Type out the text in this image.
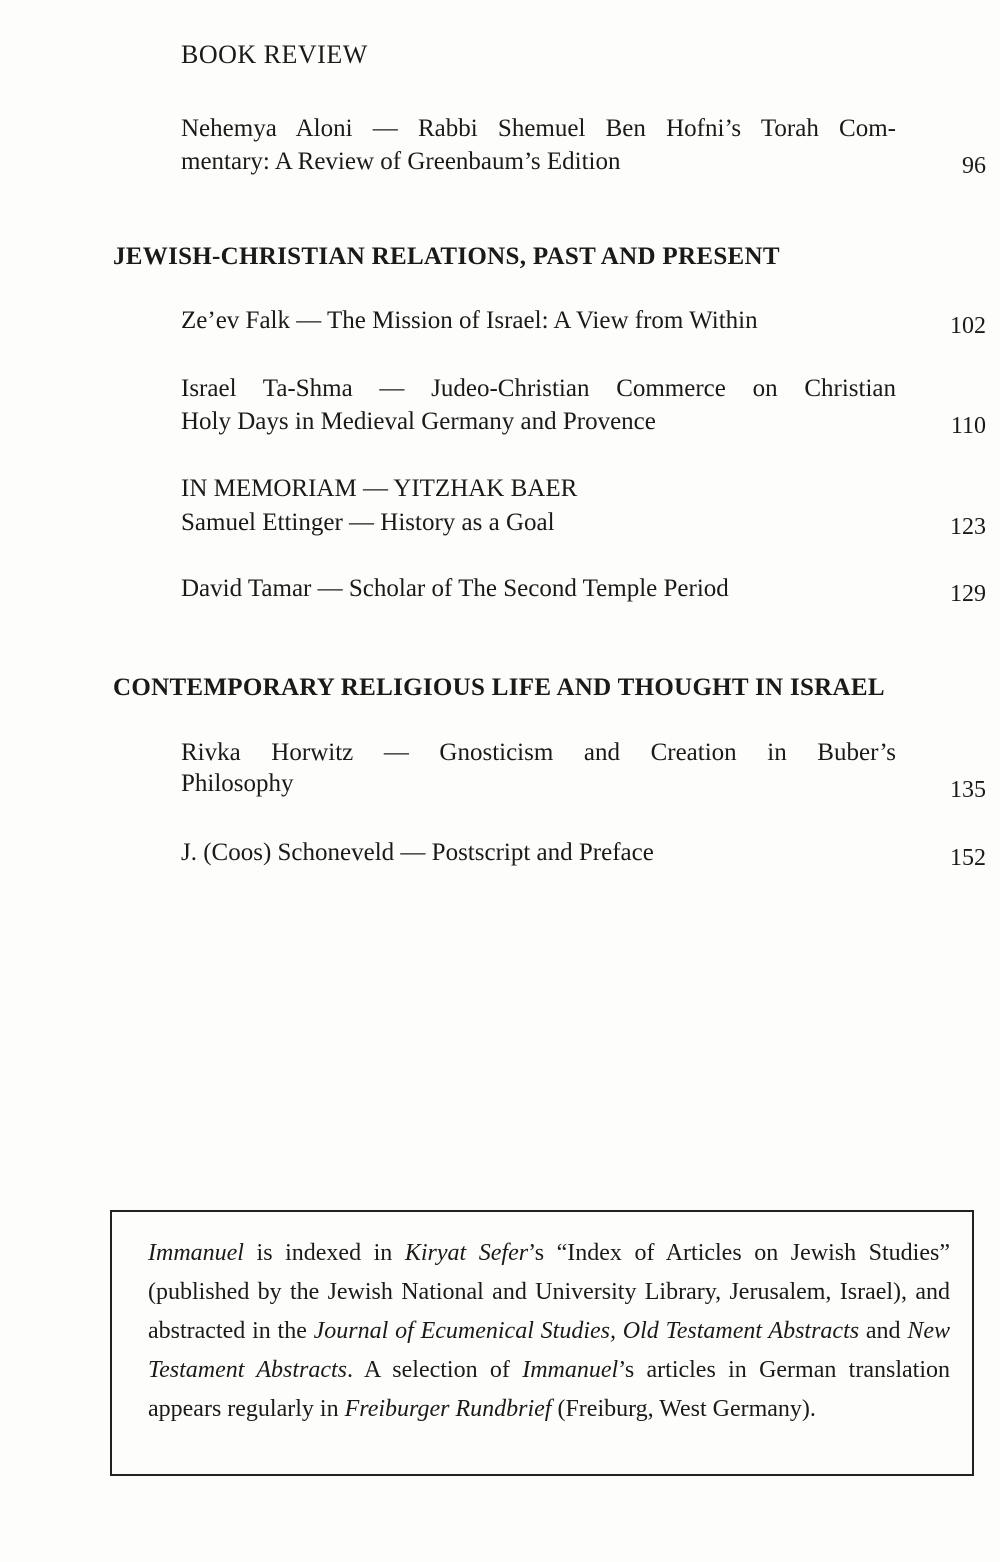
BOOK REVIEW
Nehemya Aloni — Rabbi Shemuel Ben Hofni’s Torah Com-
mentary: A Review of Greenbaum’s Edition	96
JEWISH-CHRISTIAN RELATIONS, PAST AND PRESENT
Ze’ev Falk — The Mission of Israel: A View from Within	102
Israel Ta-Shma — Judeo-Christian Commerce on Christian
Holy Days in Medieval Germany and Provence	110
IN MEMORIAM — YITZHAK BAER
Samuel Ettinger — History as a Goal	123
David Tamar — Scholar of The Second Temple Period	129
CONTEMPORARY RELIGIOUS LIFE AND THOUGHT IN ISRAEL
Rivka Horwitz — Gnosticism and Creation in Buber’s
Philosophy	135
J. (Coos) Schoneveld — Postscript and Preface	152
Immanuel is indexed in Kiryat Sefer’s “Index of Articles on Jewish Studies” (published by the Jewish National and University Library, Jerusalem, Israel), and abstracted in the Journal of Ecumenical Studies, Old Testament Abstracts and New Testament Abstracts. A selection of Immanuel’s articles in German translation appears regularly in Freiburger Rundbrief (Freiburg, West Germany).
